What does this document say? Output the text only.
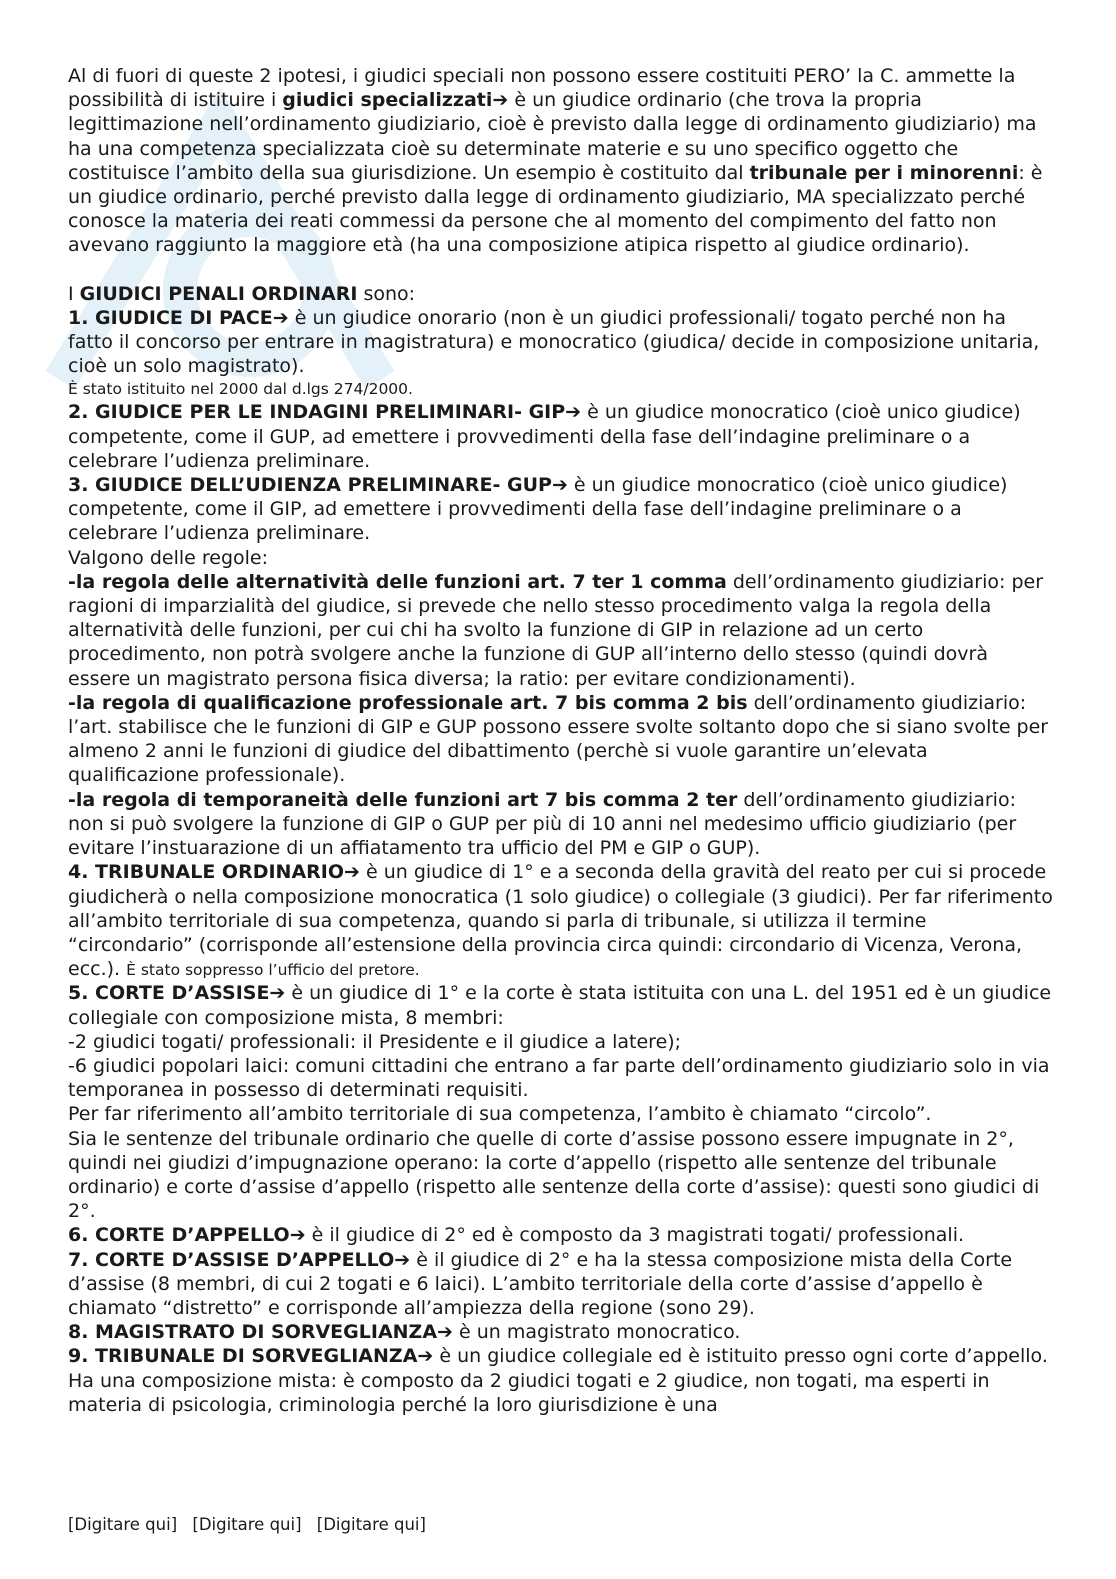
Al di fuori di queste 2 ipotesi, i giudici speciali non possono essere costituiti PERO’ la C. ammette la possibilità di istituire i giudici specializzati➔ è un giudice ordinario (che trova la propria legittimazione nell’ordinamento giudiziario, cioè è previsto dalla legge di ordinamento giudiziario) ma ha una competenza specializzata cioè su determinate materie e su uno specifico oggetto che costituisce l’ambito della sua giurisdizione. Un esempio è costituito dal tribunale per i minorenni: è un giudice ordinario, perché previsto dalla legge di ordinamento giudiziario, MA specializzato perché conosce la materia dei reati commessi da persone che al momento del compimento del fatto non avevano raggiunto la maggiore età (ha una composizione atipica rispetto al giudice ordinario).

I GIUDICI PENALI ORDINARI sono:

1. GIUDICE DI PACE➔ è un giudice onorario (non è un giudici professionali/ togato perché non ha fatto il concorso per entrare in magistratura) e monocratico (giudica/ decide in composizione unitaria, cioè un solo magistrato).

È stato istituito nel 2000 dal d.lgs 274/2000.

2. GIUDICE PER LE INDAGINI PRELIMINARI- GIP➔ è un giudice monocratico (cioè unico giudice) competente, come il GUP, ad emettere i provvedimenti della fase dell’indagine preliminare o a celebrare l’udienza preliminare.

3. GIUDICE DELL’UDIENZA PRELIMINARE- GUP➔ è un giudice monocratico (cioè unico giudice) competente, come il GIP, ad emettere i provvedimenti della fase dell’indagine preliminare o a celebrare l’udienza preliminare.

Valgono delle regole:

-la regola delle alternatività delle funzioni art. 7 ter 1 comma dell’ordinamento giudiziario: per ragioni di imparzialità del giudice, si prevede che nello stesso procedimento valga la regola della alternatività delle funzioni, per cui chi ha svolto la funzione di GIP in relazione ad un certo procedimento, non potrà svolgere anche la funzione di GUP all’interno dello stesso (quindi dovrà essere un magistrato persona fisica diversa; la ratio: per evitare condizionamenti).

-la regola di qualificazione professionale art. 7 bis comma 2 bis dell’ordinamento giudiziario: l’art. stabilisce che le funzioni di GIP e GUP possono essere svolte soltanto dopo che si siano svolte per almeno 2 anni le funzioni di giudice del dibattimento (perchè si vuole garantire un’elevata qualificazione professionale).

-la regola di temporaneità delle funzioni art 7 bis comma 2 ter dell’ordinamento giudiziario: non si può svolgere la funzione di GIP o GUP per più di 10 anni nel medesimo ufficio giudiziario (per evitare l’instuarazione di un affiatamento tra ufficio del PM e GIP o GUP).

4. TRIBUNALE ORDINARIO➔ è un giudice di 1° e a seconda della gravità del reato per cui si procede giudicherà o nella composizione monocratica (1 solo giudice) o collegiale (3 giudici). Per far riferimento all’ambito territoriale di sua competenza, quando si parla di tribunale, si utilizza il termine “circondario” (corrisponde all’estensione della provincia circa quindi: circondario di Vicenza, Verona, ecc.). È stato soppresso l’ufficio del pretore.

5. CORTE D’ASSISE➔ è un giudice di 1° e la corte è stata istituita con una L. del 1951 ed è un giudice collegiale con composizione mista, 8 membri:

-2 giudici togati/ professionali: il Presidente e il giudice a latere);

-6 giudici popolari laici: comuni cittadini che entrano a far parte dell’ordinamento giudiziario solo in via temporanea in possesso di determinati requisiti.

Per far riferimento all’ambito territoriale di sua competenza, l’ambito è chiamato “circolo”.

Sia le sentenze del tribunale ordinario che quelle di corte d’assise possono essere impugnate in 2°, quindi nei giudizi d’impugnazione operano: la corte d’appello (rispetto alle sentenze del tribunale ordinario) e corte d’assise d’appello (rispetto alle sentenze della corte d’assise): questi sono giudici di 2°.

6. CORTE D’APPELLO➔ è il giudice di 2° ed è composto da 3 magistrati togati/ professionali.

7. CORTE D’ASSISE D’APPELLO➔ è il giudice di 2° e ha la stessa composizione mista della Corte d’assise (8 membri, di cui 2 togati e 6 laici). L’ambito territoriale della corte d’assise d’appello è chiamato “distretto” e corrisponde all’ampiezza della regione (sono 29).

8. MAGISTRATO DI SORVEGLIANZA➔ è un magistrato monocratico.

9. TRIBUNALE DI SORVEGLIANZA➔ è un giudice collegiale ed è istituito presso ogni corte d’appello. Ha una composizione mista: è composto da 2 giudici togati e 2 giudice, non togati, ma esperti in materia di psicologia, criminologia perché la loro giurisdizione è una

[Digitare qui] [Digitare qui] [Digitare qui]
